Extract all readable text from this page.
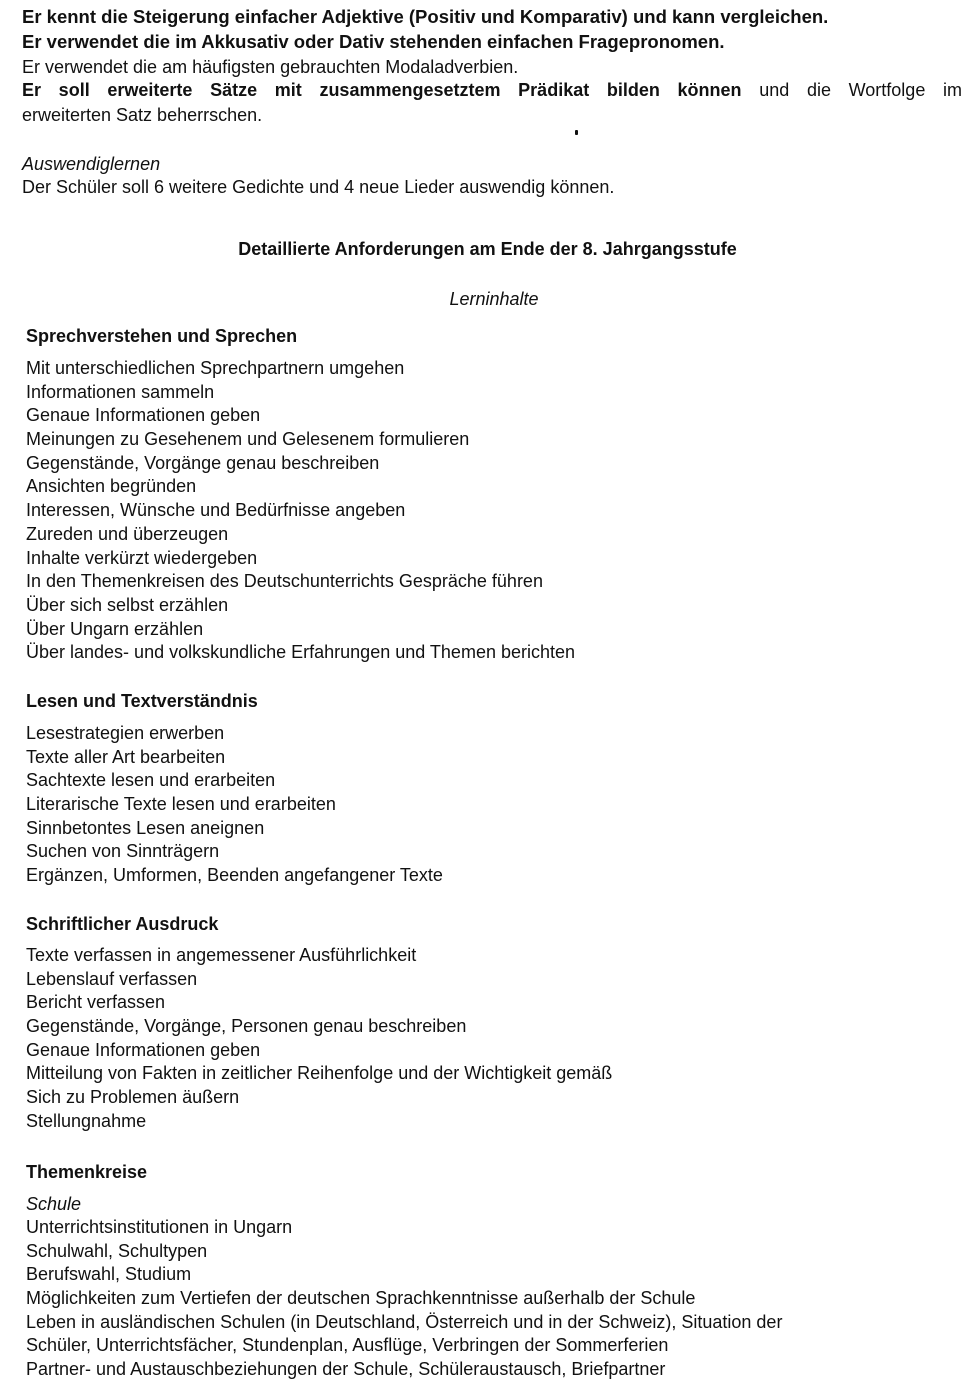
Er kennt die Steigerung einfacher Adjektive (Positiv und Komparativ) und kann vergleichen.
Er verwendet die im Akkusativ oder Dativ stehenden einfachen Fragepronomen.
Er verwendet die am häufigsten gebrauchten Modaladverbien.
Er soll erweiterte Sätze mit zusammengesetztem Prädikat bilden können und die Wortfolge im
erweiterten Satz beherrschen.
Auswendiglernen
Der Schüler soll 6 weitere Gedichte und 4 neue Lieder auswendig können.
Detaillierte Anforderungen am Ende der 8. Jahrgangsstufe
Lerninhalte
Sprechverstehen und Sprechen
Mit unterschiedlichen Sprechpartnern umgehen
Informationen sammeln
Genaue Informationen geben
Meinungen zu Gesehenem und Gelesenem formulieren
Gegenstände, Vorgänge genau beschreiben
Ansichten begründen
Interessen, Wünsche und Bedürfnisse angeben
Zureden und überzeugen
Inhalte verkürzt wiedergeben
In den Themenkreisen des Deutschunterrichts Gespräche führen
Über sich selbst erzählen
Über Ungarn erzählen
Über landes- und volkskundliche Erfahrungen und Themen berichten
Lesen und Textverständnis
Lesestrategien erwerben
Texte aller Art bearbeiten
Sachtexte lesen und erarbeiten
Literarische Texte lesen und erarbeiten
Sinnbetontes Lesen aneignen
Suchen von Sinnträgern
Ergänzen, Umformen, Beenden angefangener Texte
Schriftlicher Ausdruck
Texte verfassen in angemessener Ausführlichkeit
Lebenslauf verfassen
Bericht verfassen
Gegenstände, Vorgänge, Personen genau beschreiben
Genaue Informationen geben
Mitteilung von Fakten in zeitlicher Reihenfolge und der Wichtigkeit gemäß
Sich zu Problemen äußern
Stellungnahme
Themenkreise
Schule
Unterrichtsinstitutionen in Ungarn
Schulwahl, Schultypen
Berufswahl, Studium
Möglichkeiten zum Vertiefen der deutschen Sprachkenntnisse außerhalb der Schule
Leben in ausländischen Schulen (in Deutschland, Österreich und in der Schweiz), Situation der
Schüler, Unterrichtsfächer, Stundenplan, Ausflüge, Verbringen der Sommerferien
Partner- und Austauschbeziehungen der Schule, Schüleraustausch, Briefpartner
